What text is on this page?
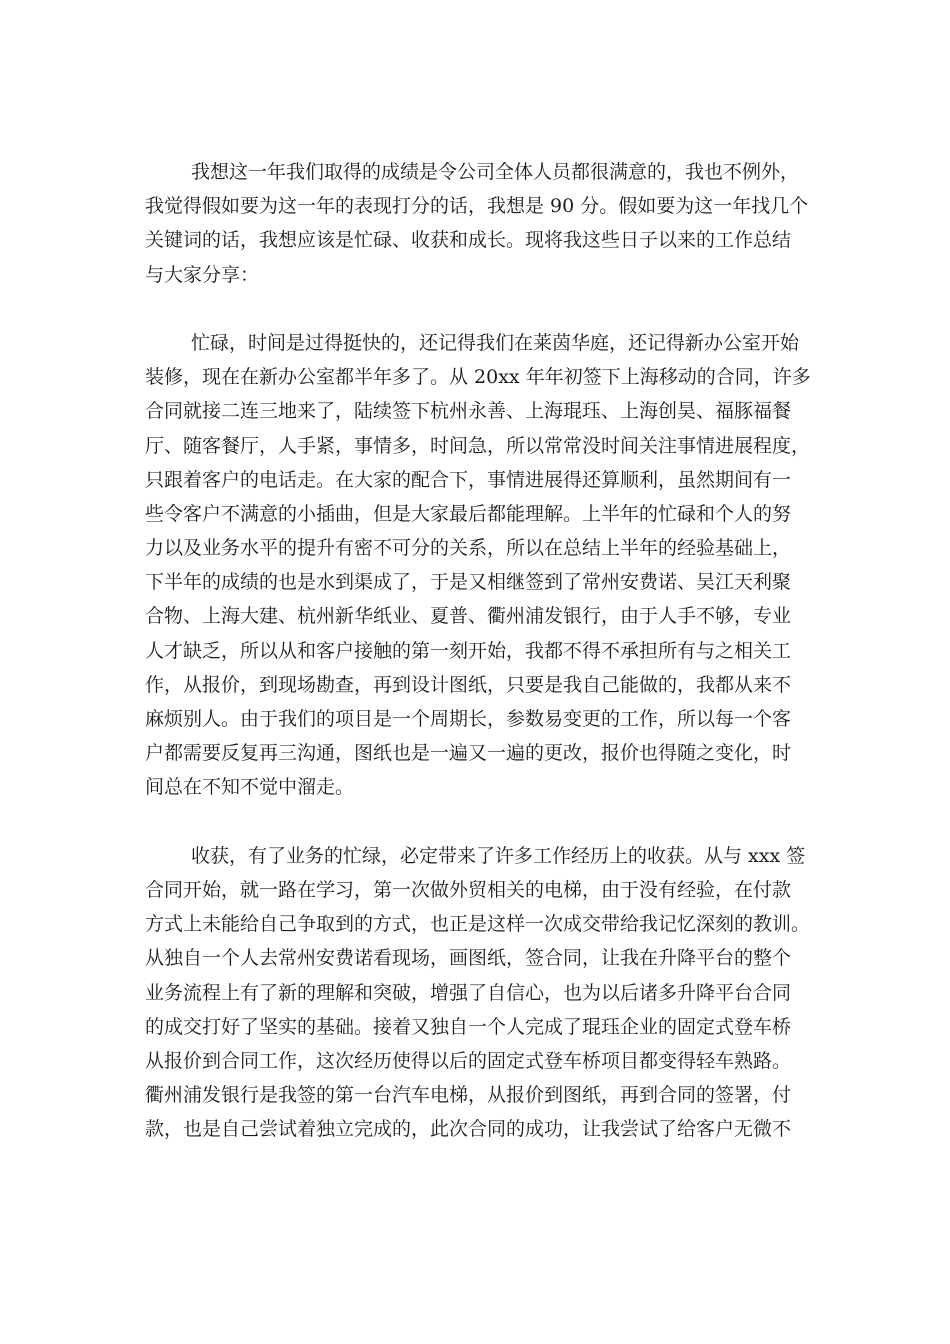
我想这一年我们取得的成绩是令公司全体人员都很满意的，我也不例外，
我觉得假如要为这一年的表现打分的话，我想是 90 分。假如要为这一年找几个
关键词的话，我想应该是忙碌、收获和成长。现将我这些日子以来的工作总结
与大家分享：

忙碌，时间是过得挺快的，还记得我们在莱茵华庭，还记得新办公室开始
装修，现在在新办公室都半年多了。从 20xx 年年初签下上海移动的合同，许多
合同就接二连三地来了，陆续签下杭州永善、上海琨珏、上海创昊、福豚福餐
厅、随客餐厅，人手紧，事情多，时间急，所以常常没时间关注事情进展程度，
只跟着客户的电话走。在大家的配合下，事情进展得还算顺利，虽然期间有一
些令客户不满意的小插曲，但是大家最后都能理解。上半年的忙碌和个人的努
力以及业务水平的提升有密不可分的关系，所以在总结上半年的经验基础上，
下半年的成绩的也是水到渠成了，于是又相继签到了常州安费诺、吴江天利聚
合物、上海大建、杭州新华纸业、夏普、衢州浦发银行，由于人手不够，专业
人才缺乏，所以从和客户接触的第一刻开始，我都不得不承担所有与之相关工
作，从报价，到现场勘查，再到设计图纸，只要是我自己能做的，我都从来不
麻烦别人。由于我们的项目是一个周期长，参数易变更的工作，所以每一个客
户都需要反复再三沟通，图纸也是一遍又一遍的更改，报价也得随之变化，时
间总在不知不觉中溜走。

收获，有了业务的忙绿，必定带来了许多工作经历上的收获。从与 xxx 签
合同开始，就一路在学习，第一次做外贸相关的电梯，由于没有经验，在付款
方式上未能给自己争取到的方式，也正是这样一次成交带给我记忆深刻的教训。
从独自一个人去常州安费诺看现场，画图纸，签合同，让我在升降平台的整个
业务流程上有了新的理解和突破，增强了自信心，也为以后诸多升降平台合同
的成交打好了坚实的基础。接着又独自一个人完成了琨珏企业的固定式登车桥
从报价到合同工作，这次经历使得以后的固定式登车桥项目都变得轻车熟路。
衢州浦发银行是我签的第一台汽车电梯，从报价到图纸，再到合同的签署，付
款，也是自己尝试着独立完成的，此次合同的成功，让我尝试了给客户无微不
